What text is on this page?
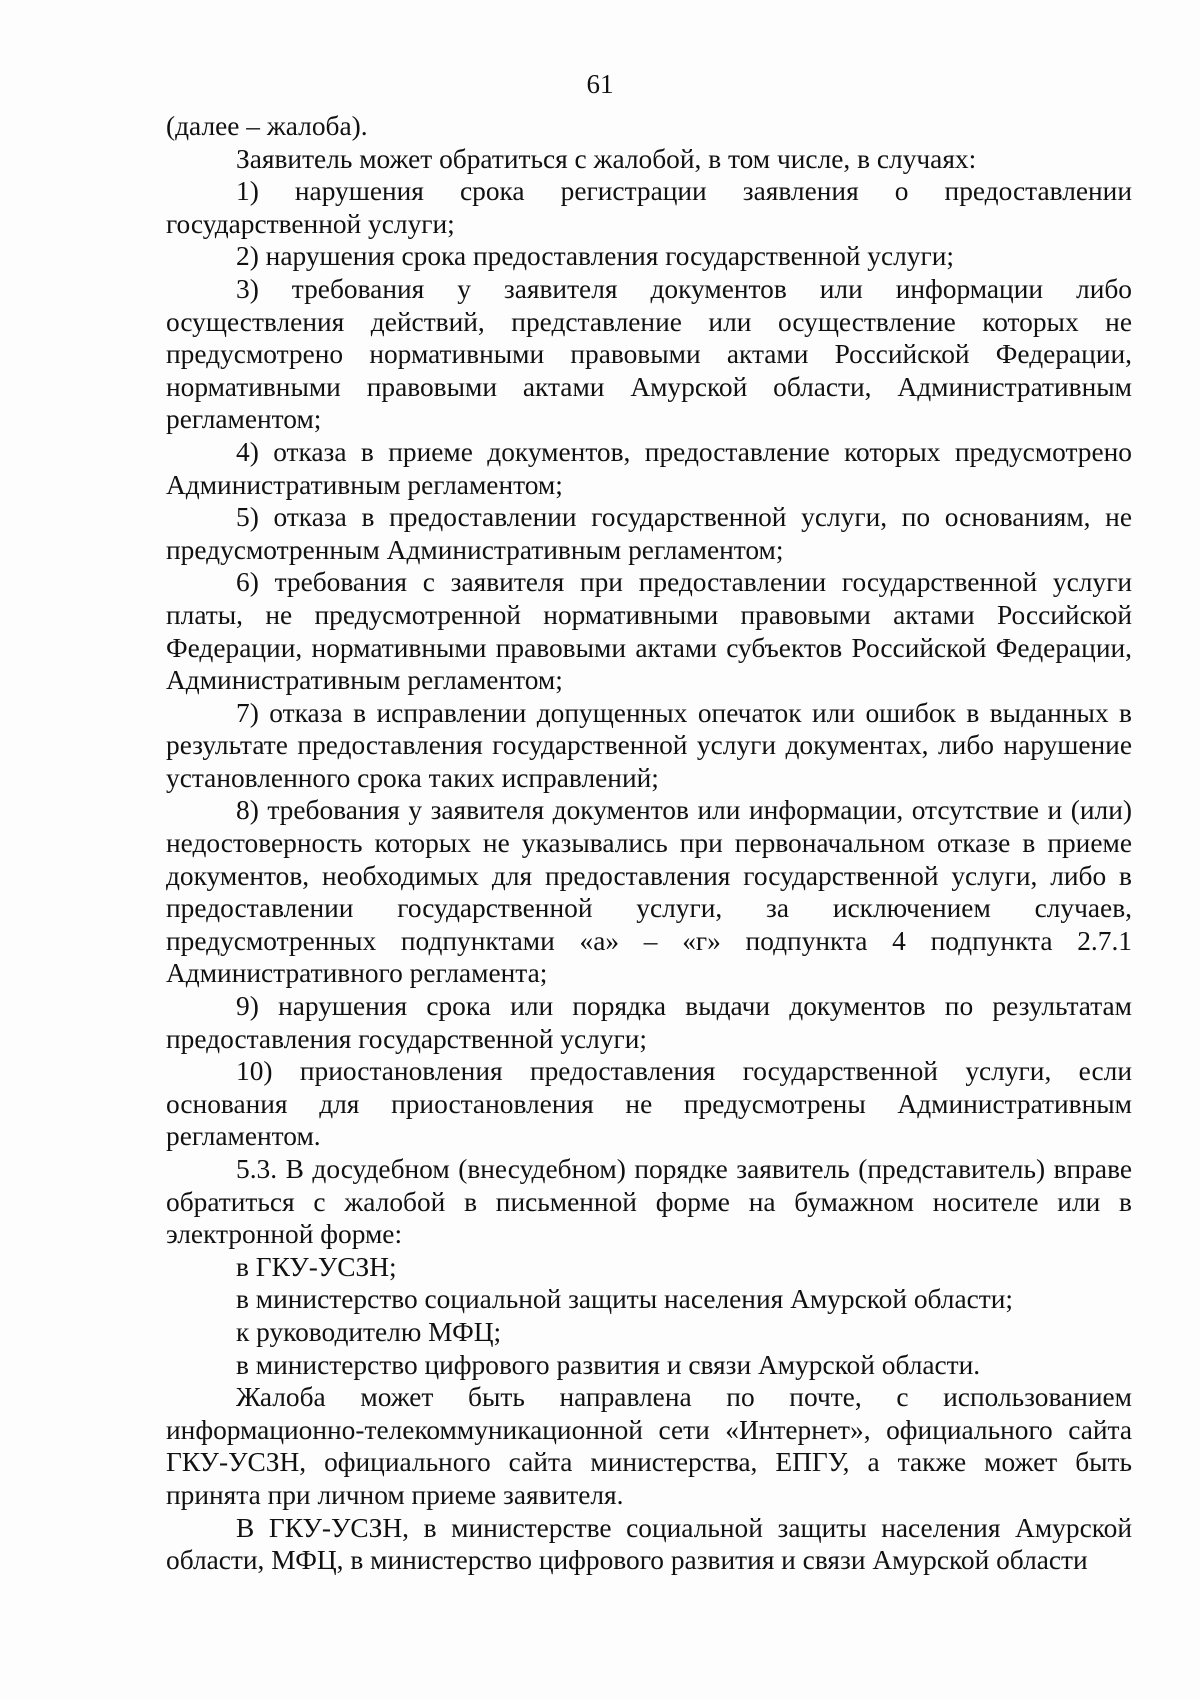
61

(далее – жалоба).

Заявитель может обратиться с жалобой, в том числе, в случаях:

1) нарушения срока регистрации заявления о предоставлении государственной услуги;

2) нарушения срока предоставления государственной услуги;

3) требования у заявителя документов или информации либо осуществления действий, представление или осуществление которых не предусмотрено нормативными правовыми актами Российской Федерации, нормативными правовыми актами Амурской области, Административным регламентом;

4) отказа в приеме документов, предоставление которых предусмотрено Административным регламентом;

5) отказа в предоставлении государственной услуги, по основаниям, не предусмотренным Административным регламентом;

6) требования с заявителя при предоставлении государственной услуги платы, не предусмотренной нормативными правовыми актами Российской Федерации, нормативными правовыми актами субъектов Российской Федерации, Административным регламентом;

7) отказа в исправлении допущенных опечаток или ошибок в выданных в результате предоставления государственной услуги документах, либо нарушение установленного срока таких исправлений;

8) требования у заявителя документов или информации, отсутствие и (или) недостоверность которых не указывались при первоначальном отказе в приеме документов, необходимых для предоставления государственной услуги, либо в предоставлении государственной услуги, за исключением случаев, предусмотренных подпунктами «а» – «г» подпункта 4 подпункта 2.7.1 Административного регламента;

9) нарушения срока или порядка выдачи документов по результатам предоставления государственной услуги;

10) приостановления предоставления государственной услуги, если основания для приостановления не предусмотрены Административным регламентом.

5.3. В досудебном (внесудебном) порядке заявитель (представитель) вправе обратиться с жалобой в письменной форме на бумажном носителе или в электронной форме:

в ГКУ-УСЗН;

в министерство социальной защиты населения Амурской области;

к руководителю МФЦ;

в министерство цифрового развития и связи Амурской области.

Жалоба может быть направлена по почте, с использованием информационно-телекоммуникационной сети «Интернет», официального сайта ГКУ-УСЗН, официального сайта министерства, ЕПГУ, а также может быть принята при личном приеме заявителя.

В ГКУ-УСЗН, в министерстве социальной защиты населения Амурской области, МФЦ, в министерство цифрового развития и связи Амурской области
